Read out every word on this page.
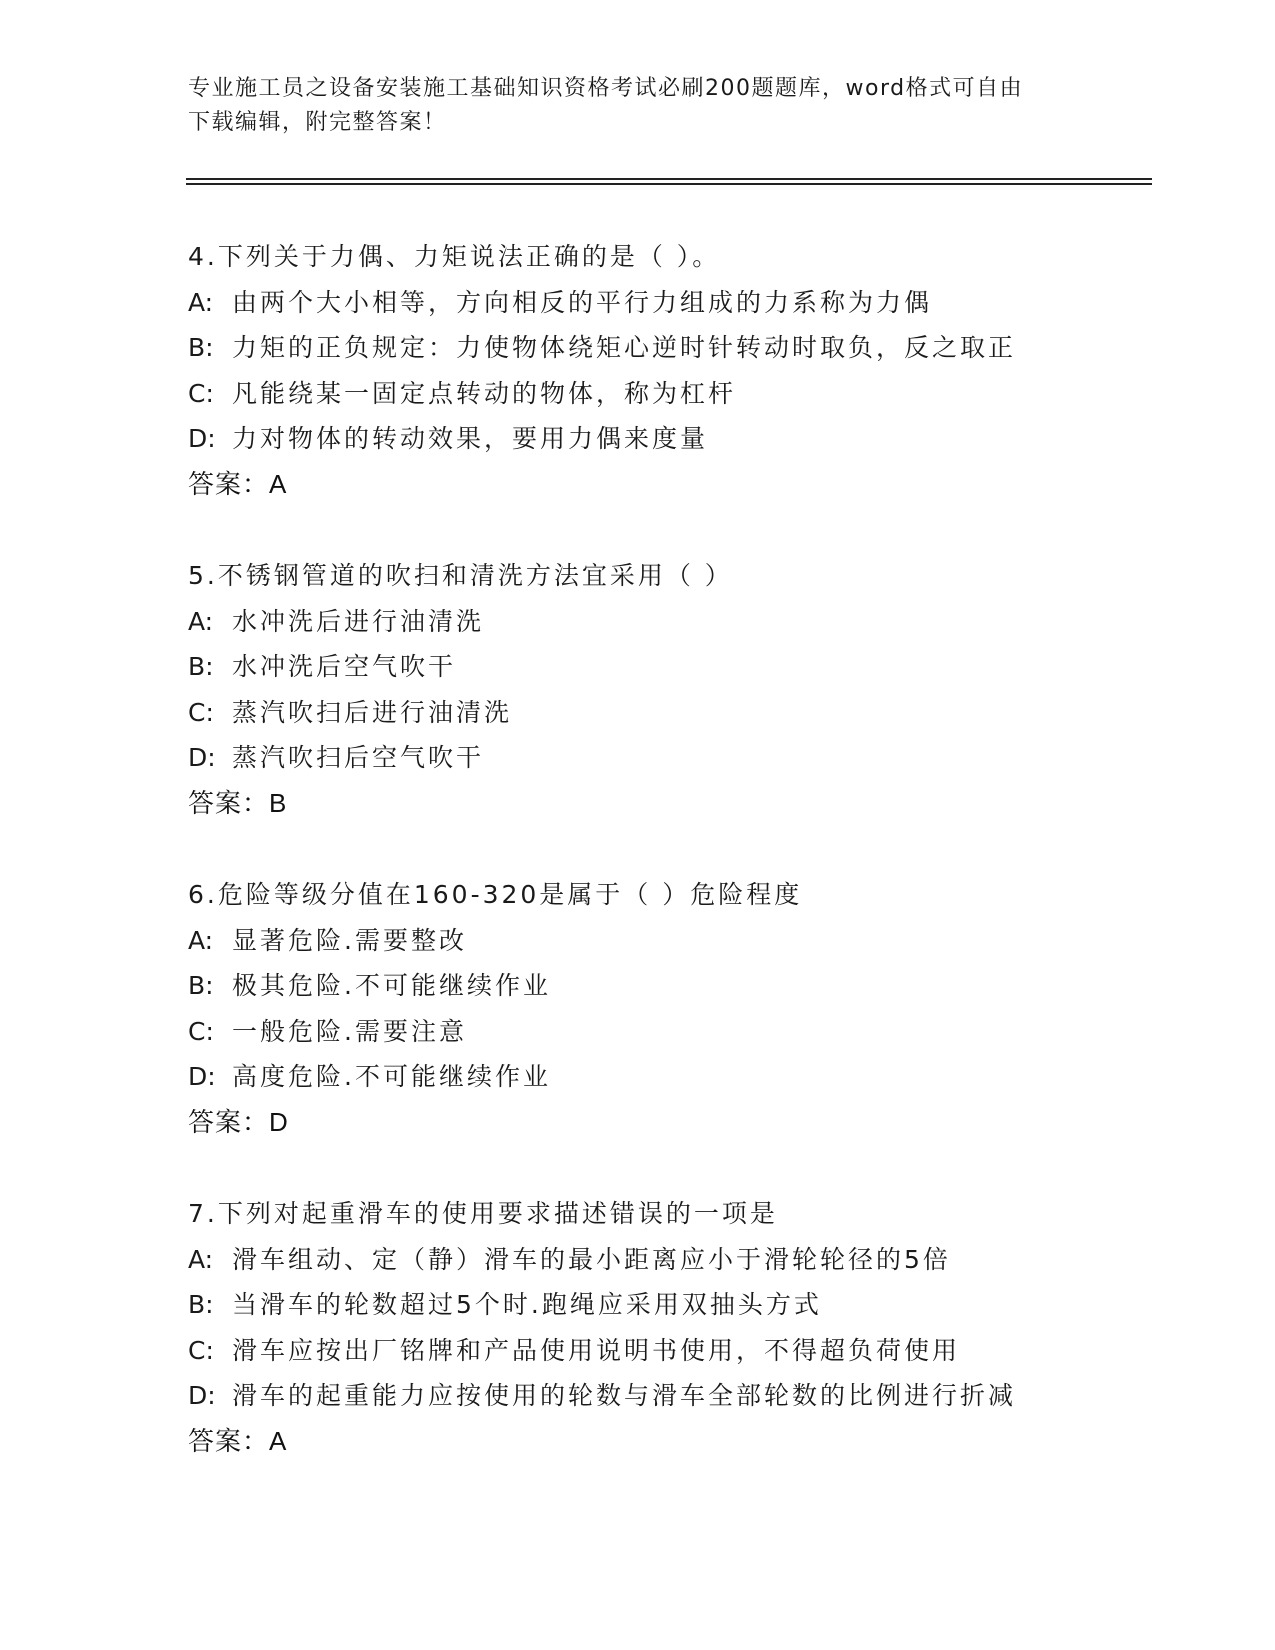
专业施工员之设备安装施工基础知识资格考试必刷200题题库，word格式可自由
下载编辑，附完整答案！
4.下列关于力偶、力矩说法正确的是（ ）。
A: 由两个大小相等，方向相反的平行力组成的力系称为力偶
B: 力矩的正负规定：力使物体绕矩心逆时针转动时取负，反之取正
C: 凡能绕某一固定点转动的物体，称为杠杆
D: 力对物体的转动效果，要用力偶来度量
答案：A
5.不锈钢管道的吹扫和清洗方法宜采用（ ）
A: 水冲洗后进行油清洗
B: 水冲洗后空气吹干
C: 蒸汽吹扫后进行油清洗
D: 蒸汽吹扫后空气吹干
答案：B
6.危险等级分值在160-320是属于（ ）危险程度
A: 显著危险.需要整改
B: 极其危险.不可能继续作业
C: 一般危险.需要注意
D: 高度危险.不可能继续作业
答案：D
7.下列对起重滑车的使用要求描述错误的一项是
A: 滑车组动、定（静）滑车的最小距离应小于滑轮轮径的5倍
B: 当滑车的轮数超过5个时.跑绳应采用双抽头方式
C: 滑车应按出厂铭牌和产品使用说明书使用，不得超负荷使用
D: 滑车的起重能力应按使用的轮数与滑车全部轮数的比例进行折减
答案：A
